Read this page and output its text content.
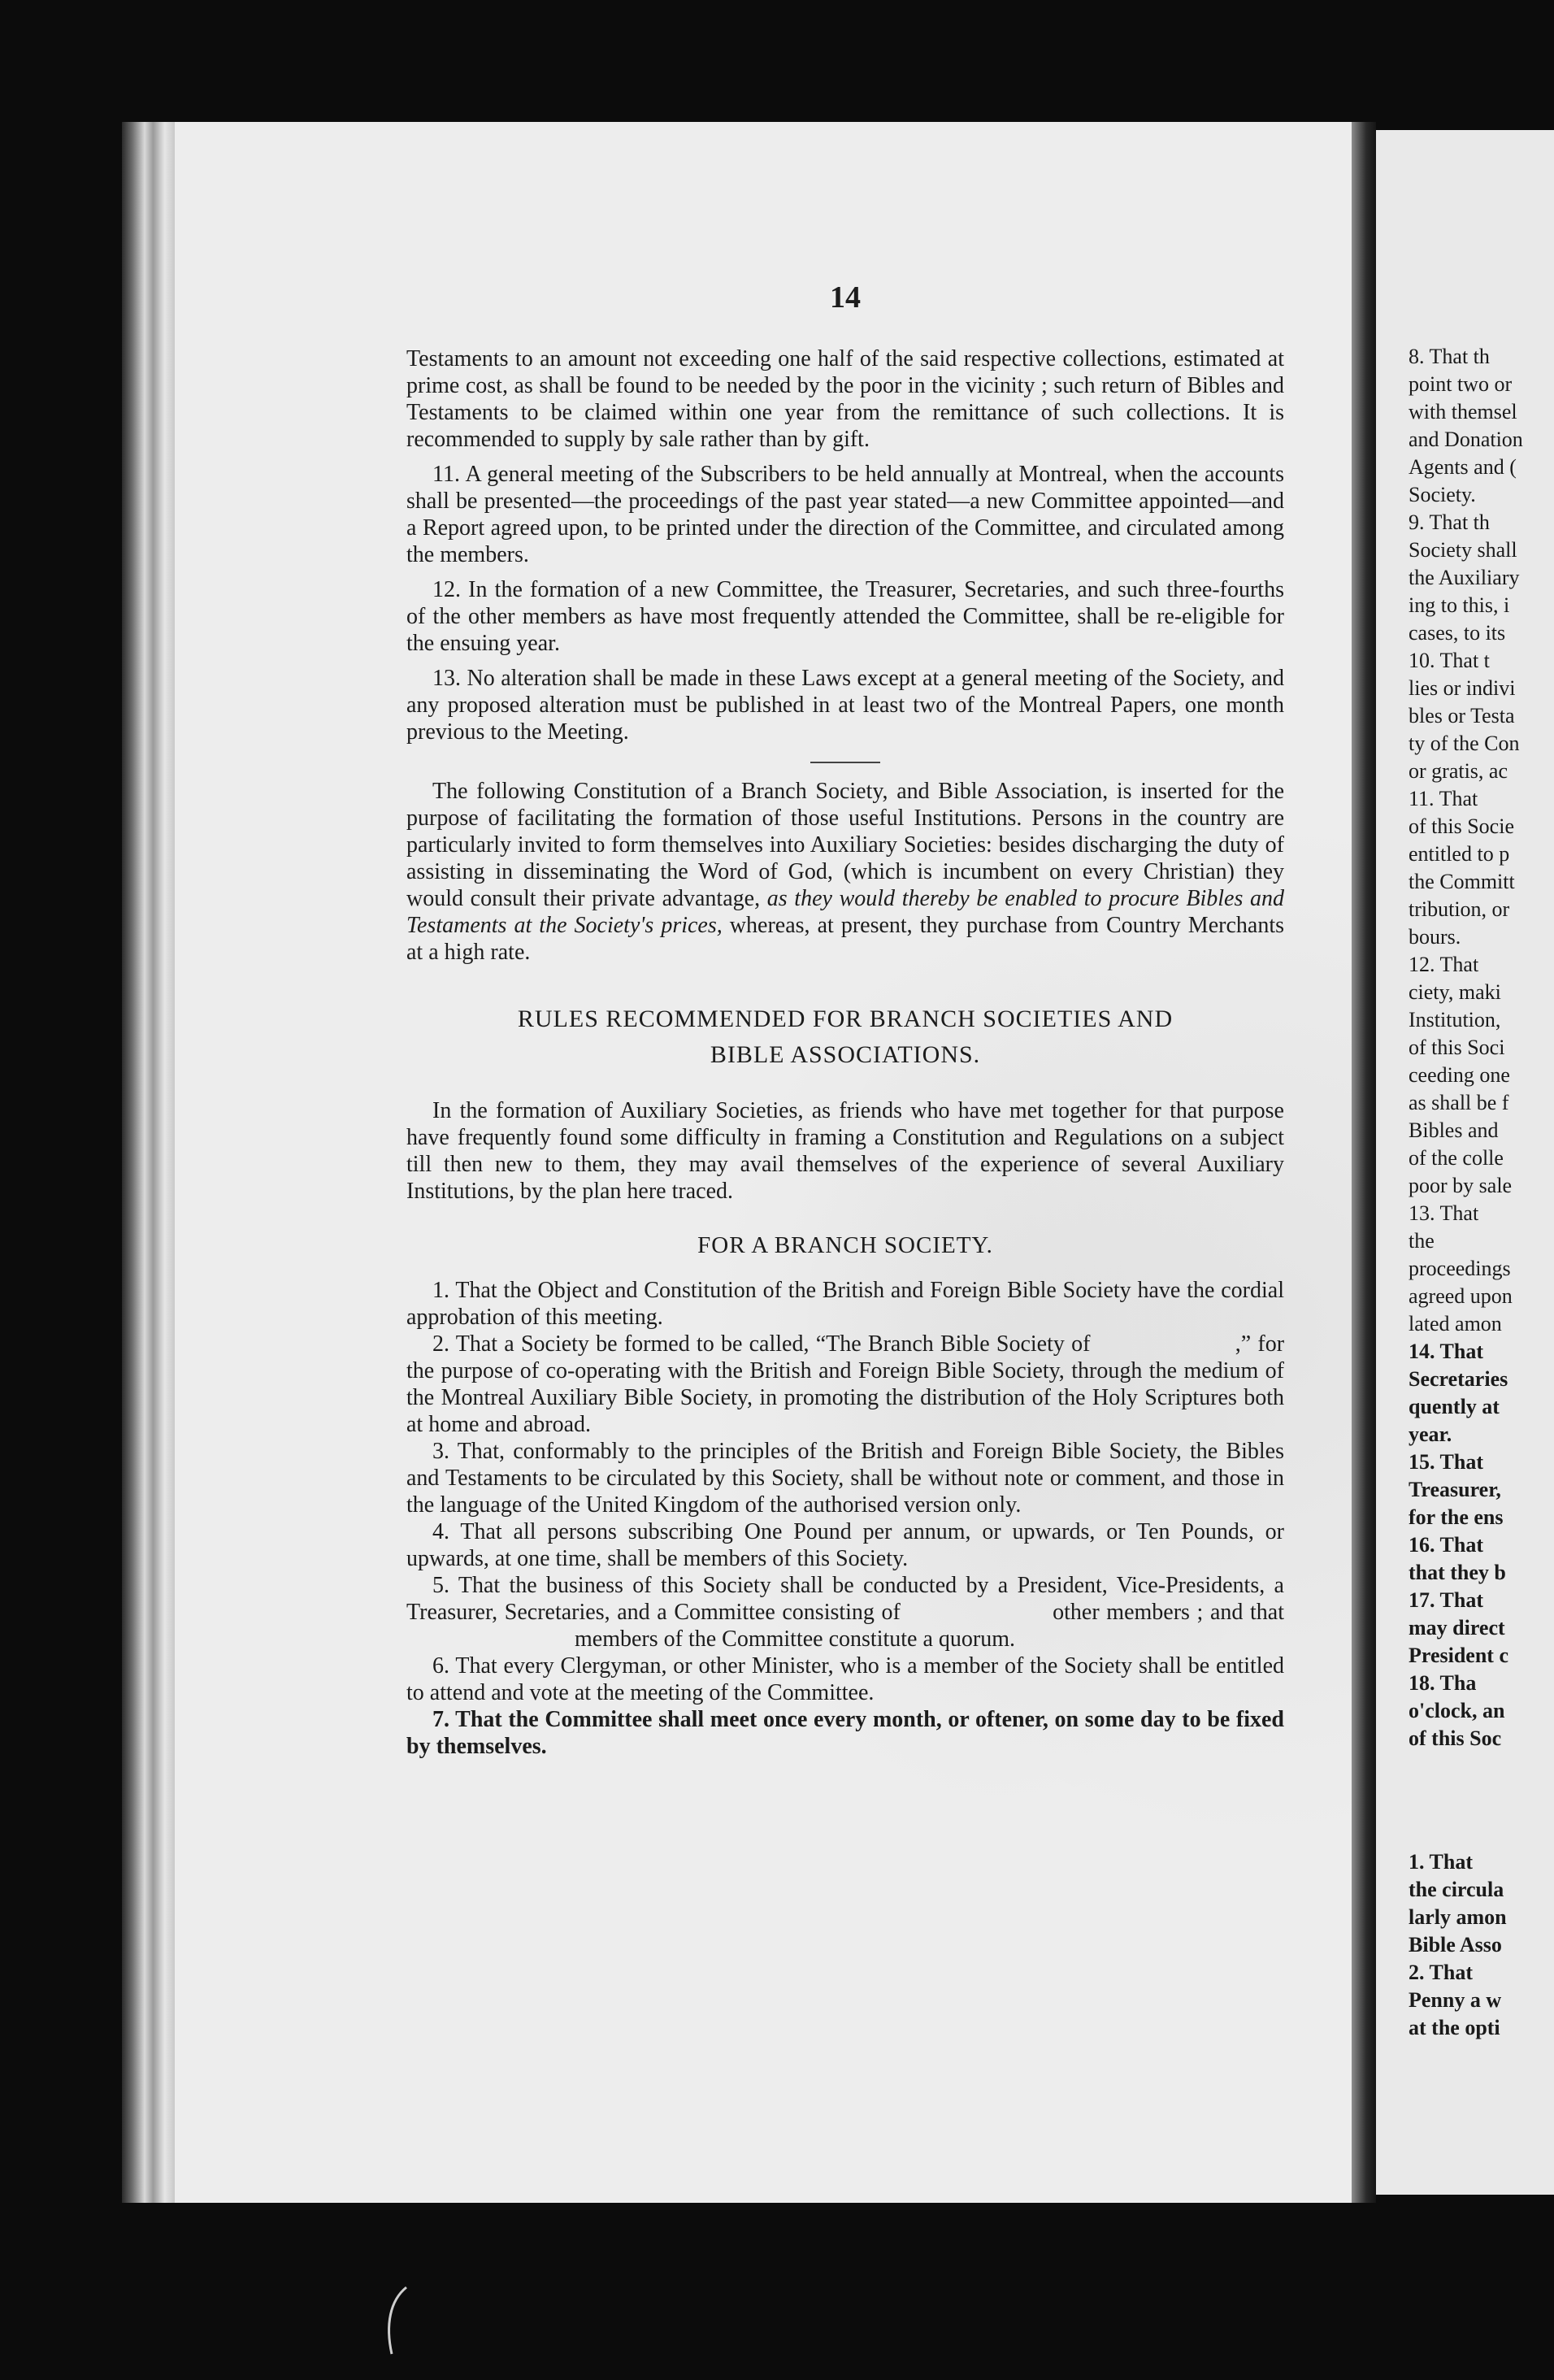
8. That th

point two or

with themsel

and Donation

Agents and (

Society.

9. That th

Society shall

the Auxiliary

ing to this, i

cases, to its

10. That t

lies or indivi

bles or Testa

ty of the Con

or gratis, ac

11. That

of this Socie

entitled to p

the Committ

tribution, or

bours.

12. That

ciety, maki

Institution,

of this Soci

ceeding one

as shall be f

Bibles and

of the colle

poor by sale

13. That

the

proceedings

agreed upon

lated amon

14. That

Secretaries

quently at

year.

15. That

Treasurer,

for the ens

16. That

that they b

17. That

may direct

President c

18. Tha

o'clock, an

of this Soc

1. That

the circula

larly amon

Bible Asso

2. That

Penny a w

at the opti

14

Testaments to an amount not exceeding one half of the said respective collections, estimated at prime cost, as shall be found to be needed by the poor in the vicinity ; such return of Bibles and Testaments to be claimed within one year from the remittance of such collections. It is recommended to supply by sale rather than by gift.

11. A general meeting of the Subscribers to be held annually at Montreal, when the accounts shall be presented—the proceedings of the past year stated—a new Committee appointed—and a Report agreed upon, to be printed under the direction of the Committee, and circulated among the members.

12. In the formation of a new Committee, the Treasurer, Secretaries, and such three-fourths of the other members as have most frequently attended the Committee, shall be re-eligible for the ensuing year.

13. No alteration shall be made in these Laws except at a general meeting of the Society, and any proposed alteration must be published in at least two of the Montreal Papers, one month previous to the Meeting.

The following Constitution of a Branch Society, and Bible Association, is inserted for the purpose of facilitating the formation of those useful Institutions. Persons in the country are particularly invited to form themselves into Auxiliary Societies: besides discharging the duty of assisting in disseminating the Word of God, (which is incumbent on every Christian) they would consult their private advantage, as they would thereby be enabled to procure Bibles and Testaments at the Society's prices, whereas, at present, they purchase from Country Merchants at a high rate.

RULES RECOMMENDED FOR BRANCH SOCIETIES AND
BIBLE ASSOCIATIONS.

In the formation of Auxiliary Societies, as friends who have met together for that purpose have frequently found some difficulty in framing a Constitution and Regulations on a subject till then new to them, they may avail themselves of the experience of several Auxiliary Institutions, by the plan here traced.

FOR A BRANCH SOCIETY.

1. That the Object and Constitution of the British and Foreign Bible Society have the cordial approbation of this meeting.

2. That a Society be formed to be called, “The Branch Bible Society of	,” for the purpose of co-operating with the British and Foreign Bible Society, through the medium of the Montreal Auxiliary Bible Society, in promoting the distribution of the Holy Scriptures both at home and abroad.

3. That, conformably to the principles of the British and Foreign Bible Society, the Bibles and Testaments to be circulated by this Society, shall be without note or comment, and those in the language of the United Kingdom of the authorised version only.

4. That all persons subscribing One Pound per annum, or upwards, or Ten Pounds, or upwards, at one time, shall be members of this Society.

5. That the business of this Society shall be conducted by a President, Vice-Presidents, a Treasurer, Secretaries, and a Committee consisting of	other members ; and that  members of the Committee constitute a quorum.

6. That every Clergyman, or other Minister, who is a member of the Society shall be entitled to attend and vote at the meeting of the Committee.

7. That the Committee shall meet once every month, or oftener, on some day to be fixed by themselves.
